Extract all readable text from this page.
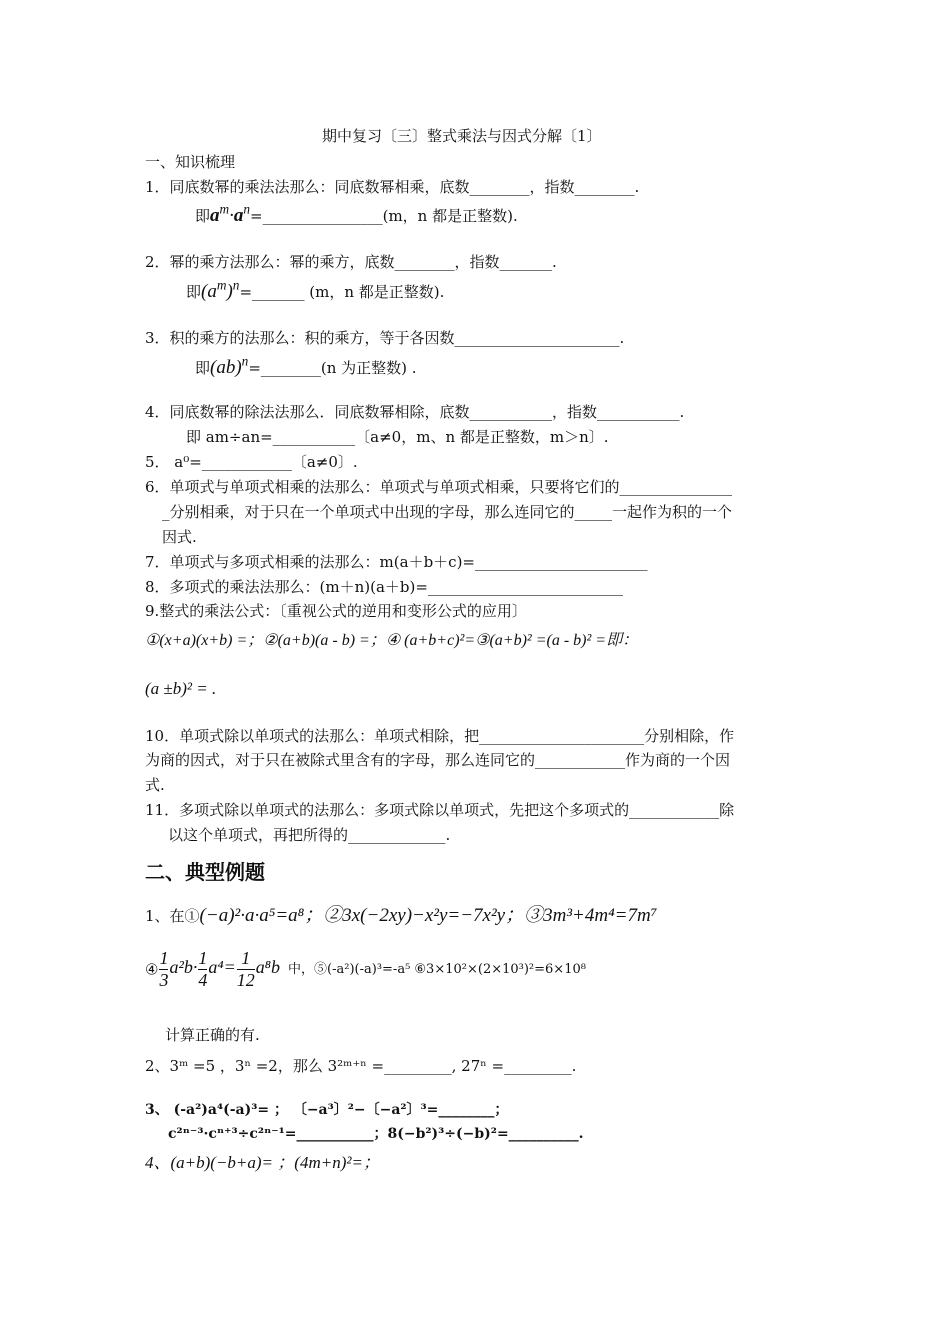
期中复习〔三〕整式乘法与因式分解〔1〕
一、知识梳理
1．同底数幂的乘法法那么：同底数幂相乘，底数________，指数________.
即$a^m\cdot a^n=\_\_\_\_\_\_\_\_\_\_\_\_\_\_\_\_(m$，n 都是正整数).
2．幂的乘方法那么：幂的乘方，底数________，指数_______.
即$(a^m)^n=\_\_\_\_\_\_\_$ (m，n 都是正整数).
3．积的乘方的法那么：积的乘方，等于各因数______________________.
即(ab)$^n$=________(n 为正整数) .
4．同底数幂的除法法那么．同底数幂相除，底数___________，指数___________.
即 am÷an=___________〔a≠0，m、n 都是正整数，m＞n〕.
5． a⁰=____________〔a≠0〕.
6．单项式与单项式相乘的法那么：单项式与单项式相乘，只要将它们的_______________
_分别相乘，对于只在一个单项式中出现的字母，那么连同它的_____一起作为积的一个
因式.
7．单项式与多项式相乘的法那么：m(a＋b＋c)=_______________________
8．多项式的乘法法那么：(m＋n)(a＋b)=__________________________
9.整式的乘法公式：〔重视公式的逆用和变形公式的应用〕
①(x+a)(x+b) =；②(a+b)(a - b) =；④ (a+b+c)²=③(a+b)² =(a - b)² =即：
(a ±b)² = .
10．单项式除以单项式的法那么：单项式相除，把______________________分别相除，作
为商的因式，对于只在被除式里含有的字母，那么连同它的____________作为商的一个因
式.
11．多项式除以单项式的法那么：多项式除以单项式，先把这个多项式的____________除
以这个单项式，再把所得的_____________.
二、典型例题
1、在①(−a)²·a·a⁵=a⁸；②3x(−2xy)−x²y=−7x²y；③3m³+4m⁴=7m⁷
④ $\frac{1}{3} a^2b\cdot \frac{1}{4} a^4= \frac{1}{12} a^8b$ 中，⑤(-a²)(-a)³=-a⁵ ⑥3×10²×(2×10³)²=6×10⁸
计算正确的有.
2、3ᵐ =5 ，3ⁿ =2，那么 3²ᵐ⁺ⁿ =_________, 27ⁿ =_________.
3、 (-a²)a⁴(-a)³= ； 〔−a³〕²−〔−a²〕³=________；
c²ⁿ⁻³·cⁿ⁺³÷c²ⁿ⁻¹=___________；8(−b²)³÷(−b)²=__________.
4、(a+b)(−b+a)= ；(4m+n)²=；
